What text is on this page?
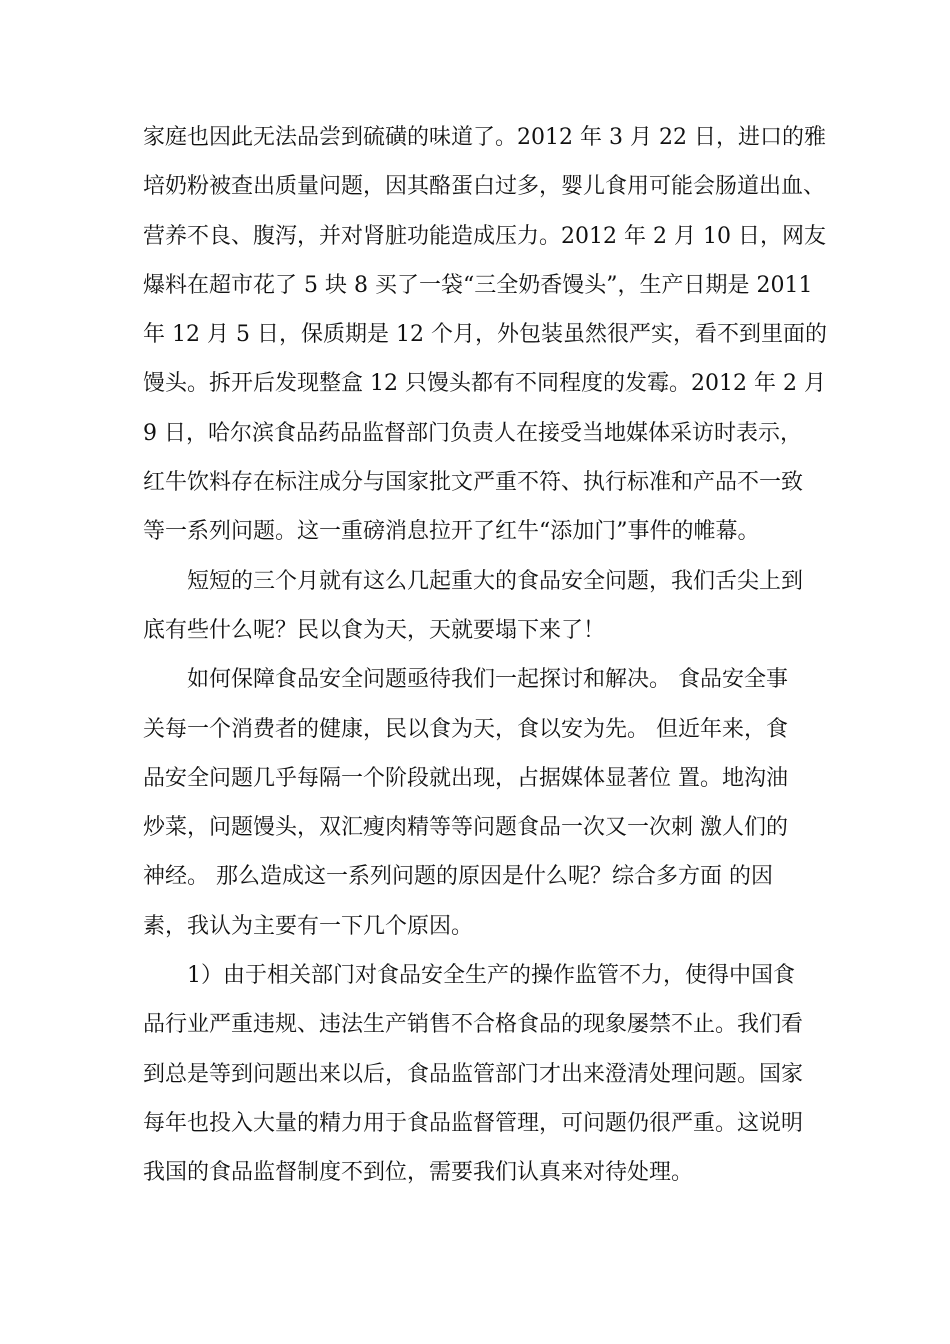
家庭也因此无法品尝到硫磺的味道了。2012 年 3 月 22 日，进口的雅
培奶粉被查出质量问题，因其酪蛋白过多，婴儿食用可能会肠道出血、
营养不良、腹泻，并对肾脏功能造成压力。2012 年 2 月 10 日，网友
爆料在超市花了 5 块 8 买了一袋“三全奶香馒头”，生产日期是 2011
年 12 月 5 日，保质期是 12 个月，外包装虽然很严实，看不到里面的
馒头。拆开后发现整盒 12 只馒头都有不同程度的发霉。2012 年 2 月
9 日，哈尔滨食品药品监督部门负责人在接受当地媒体采访时表示，
红牛饮料存在标注成分与国家批文严重不符、执行标准和产品不一致
等一系列问题。这一重磅消息拉开了红牛“添加门”事件的帷幕。

短短的三个月就有这么几起重大的食品安全问题，我们舌尖上到
底有些什么呢？民以食为天，天就要塌下来了！

如何保障食品安全问题亟待我们一起探讨和解决。 食品安全事
关每一个消费者的健康，民以食为天，食以安为先。 但近年来，食
品安全问题几乎每隔一个阶段就出现，占据媒体显著位 置。地沟油
炒菜，问题馒头，双汇瘦肉精等等问题食品一次又一次刺 激人们的
神经。 那么造成这一系列问题的原因是什么呢？综合多方面 的因
素，我认为主要有一下几个原因。

1）由于相关部门对食品安全生产的操作监管不力，使得中国食
品行业严重违规、违法生产销售不合格食品的现象屡禁不止。我们看
到总是等到问题出来以后，食品监管部门才出来澄清处理问题。国家
每年也投入大量的精力用于食品监督管理，可问题仍很严重。这说明
我国的食品监督制度不到位，需要我们认真来对待处理。
